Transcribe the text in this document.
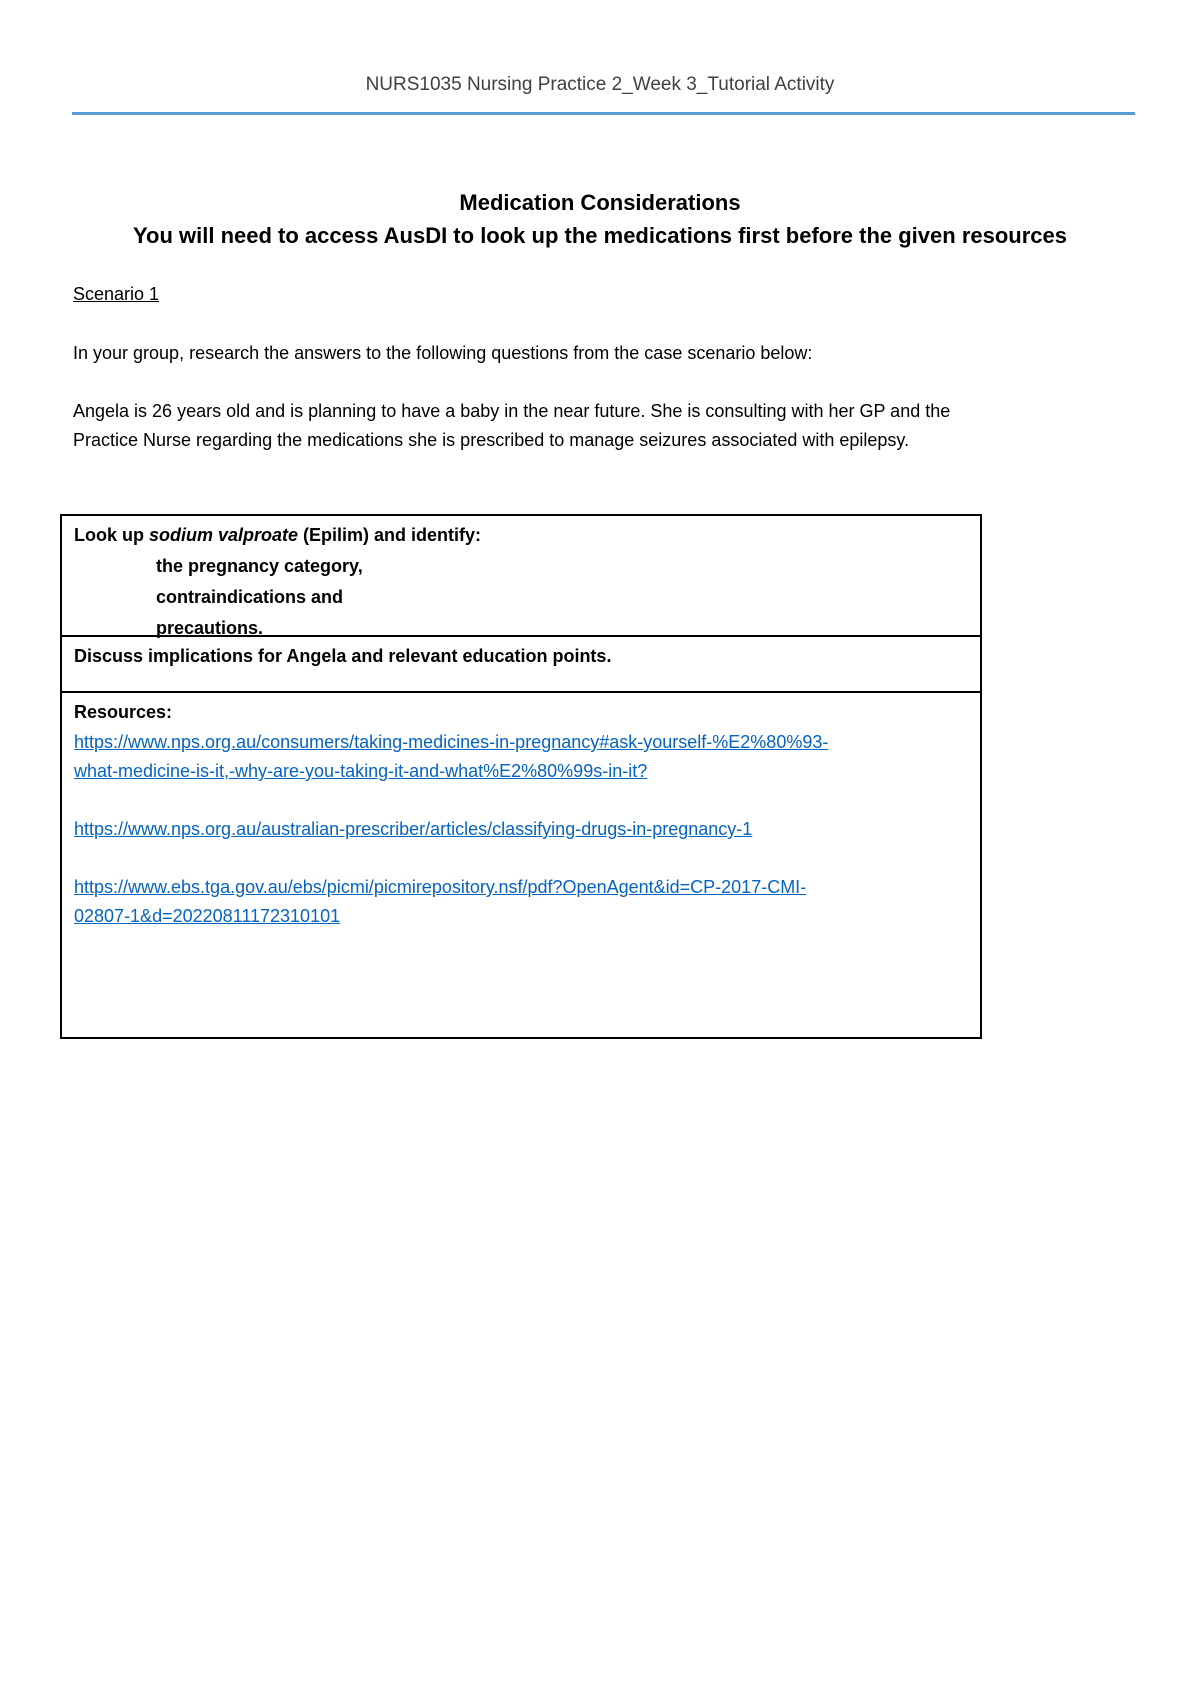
NURS1035 Nursing Practice 2_Week 3_Tutorial Activity
Medication Considerations
You will need to access AusDI to look up the medications first before the given resources
Scenario 1
In your group, research the answers to the following questions from the case scenario below:
Angela is 26 years old and is planning to have a baby in the near future. She is consulting with her GP and the
Practice Nurse regarding the medications she is prescribed to manage seizures associated with epilepsy.
Look up sodium valproate (Epilim) and identify:
the pregnancy category,
contraindications and
precautions.
Discuss implications for Angela and relevant education points.
Resources:
https://www.nps.org.au/consumers/taking-medicines-in-pregnancy#ask-yourself-%E2%80%93-
what-medicine-is-it,-why-are-you-taking-it-and-what%E2%80%99s-in-it?
https://www.nps.org.au/australian-prescriber/articles/classifying-drugs-in-pregnancy-1
https://www.ebs.tga.gov.au/ebs/picmi/picmirepository.nsf/pdf?OpenAgent&id=CP-2017-CMI-
02807-1&d=20220811172310101
